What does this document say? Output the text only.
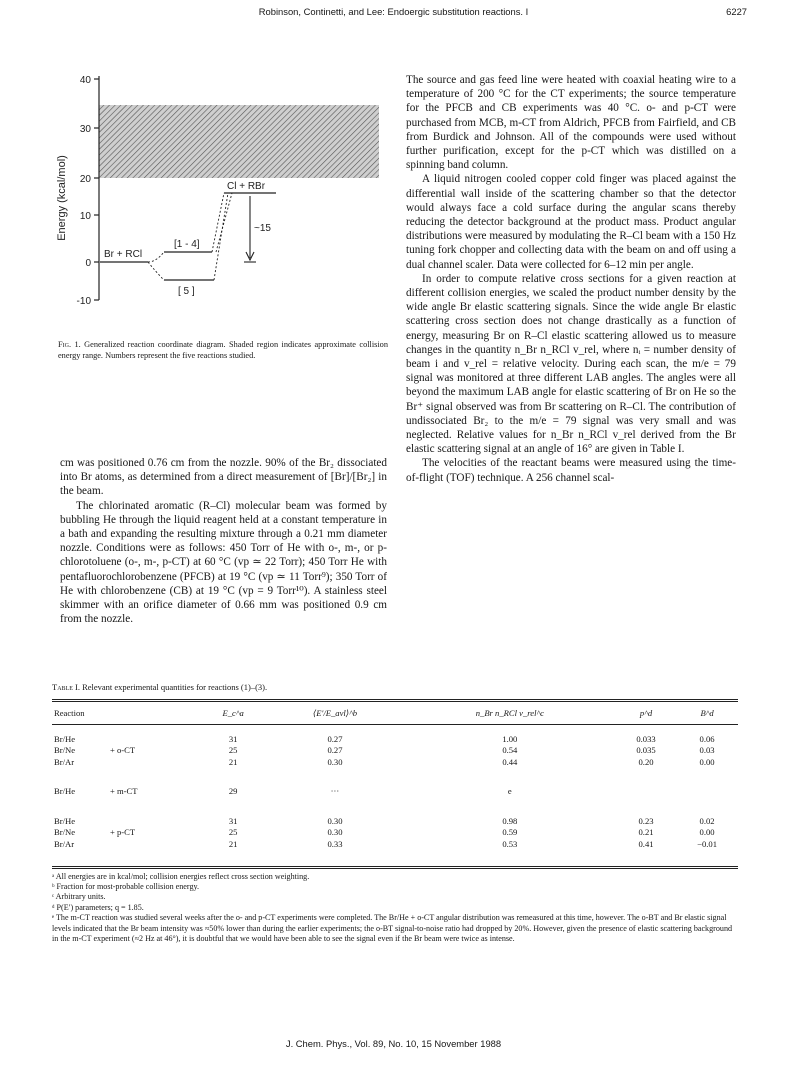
Robinson, Continetti, and Lee: Endoergic substitution reactions. I	6227
40
30
20
10
0
-10
Energy (kcal/mol)
Br + RCl
[1 - 4]
[ 5 ]
Cl + RBr
~15
Fig. 1. Generalized reaction coordinate diagram. Shaded region indicates approximate collision energy range. Numbers represent the five reactions studied.

cm was positioned 0.76 cm from the nozzle. 90% of the Br₂ dissociated into Br atoms, as determined from a direct measurement of [Br]/[Br₂] in the beam.

The chlorinated aromatic (R–Cl) molecular beam was formed by bubbling He through the liquid reagent held at a constant temperature in a bath and expanding the resulting mixture through a 0.21 mm diameter nozzle. Conditions were as follows: 450 Torr of He with o-, m-, or p-chlorotoluene (o-, m-, p-CT) at 60 °C (vp ≃ 22 Torr); 450 Torr He with pentafluorochlorobenzene (PFCB) at 19 °C (vp ≃ 11 Torr⁹); 350 Torr of He with chlorobenzene (CB) at 19 °C (vp = 9 Torr¹⁰). A stainless steel skimmer with an orifice diameter of 0.66 mm was positioned 0.9 cm from the nozzle.

The source and gas feed line were heated with coaxial heating wire to a temperature of 200 °C for the CT experiments; the source temperature for the PFCB and CB experiments was 40 °C. o- and p-CT were purchased from MCB, m-CT from Aldrich, PFCB from Fairfield, and CB from Burdick and Johnson. All of the compounds were used without further purification, except for the p-CT which was distilled on a spinning band column.

A liquid nitrogen cooled copper cold finger was placed against the differential wall inside of the scattering chamber so that the detector would always face a cold surface during the angular scans thereby reducing the detector background at the product mass. Product angular distributions were measured by modulating the R–Cl beam with a 150 Hz tuning fork chopper and collecting data with the beam on and off using a dual channel scaler. Data were collected for 6–12 min per angle.

In order to compute relative cross sections for a given reaction at different collision energies, we scaled the product number density by the wide angle Br elastic scattering signals. Since the wide angle Br elastic scattering cross section does not change drastically as a function of energy, measuring Br on R–Cl elastic scattering allowed us to measure changes in the quantity n_Br n_RCl v_rel, where nᵢ = number density of beam i and v_rel = relative velocity. During each scan, the m/e = 79 signal was monitored at three different LAB angles. The angles were all beyond the maximum LAB angle for elastic scattering of Br on He so the Br⁺ signal observed was from Br scattering on R–Cl. The contribution of undissociated Br₂ to the m/e = 79 signal was very small and was neglected. Relative values for n_Br n_RCl v_rel derived from the Br elastic scattering signal at an angle of 16° are given in Table I.

The velocities of the reactant beams were measured using the time-of-flight (TOF) technique. A 256 channel scal-

Table I. Relevant experimental quantities for reactions (1)–(3).
Reaction		E_c^a	⟨E′/E_avl⟩^b	n_Br n_RCl v_rel^c	p^d	B^d

Br/He	+ o-CT	31	0.27	1.00	0.033	0.06
Br/Ne		25	0.27	0.54	0.035	0.03
Br/Ar		21	0.30	0.44	0.20	0.00

Br/He	+ m-CT	29	···	e		

Br/He	+ p-CT	31	0.30	0.98	0.23	0.02
Br/Ne		25	0.30	0.59	0.21	0.00
Br/Ar		21	0.33	0.53	0.41	−0.01

ᵃ All energies are in kcal/mol; collision energies reflect cross section weighting.

ᵇ Fraction for most-probable collision energy.

ᶜ Arbitrary units.

ᵈ P(E′) parameters; q = 1.85.

ᵉ The m-CT reaction was studied several weeks after the o- and p-CT experiments were completed. The Br/He + o-CT angular distribution was remeasured at this time, however. The o-BT and Br elastic signal levels indicated that the Br beam intensity was ≈50% lower than during the earlier experiments; the o-BT signal-to-noise ratio had dropped by 20%. However, given the presence of elastic scattering background in the m-CT experiment (≈2 Hz at 46°), it is doubtful that we would have been able to see the signal even if the Br beam were twice as intense.

J. Chem. Phys., Vol. 89, No. 10, 15 November 1988
